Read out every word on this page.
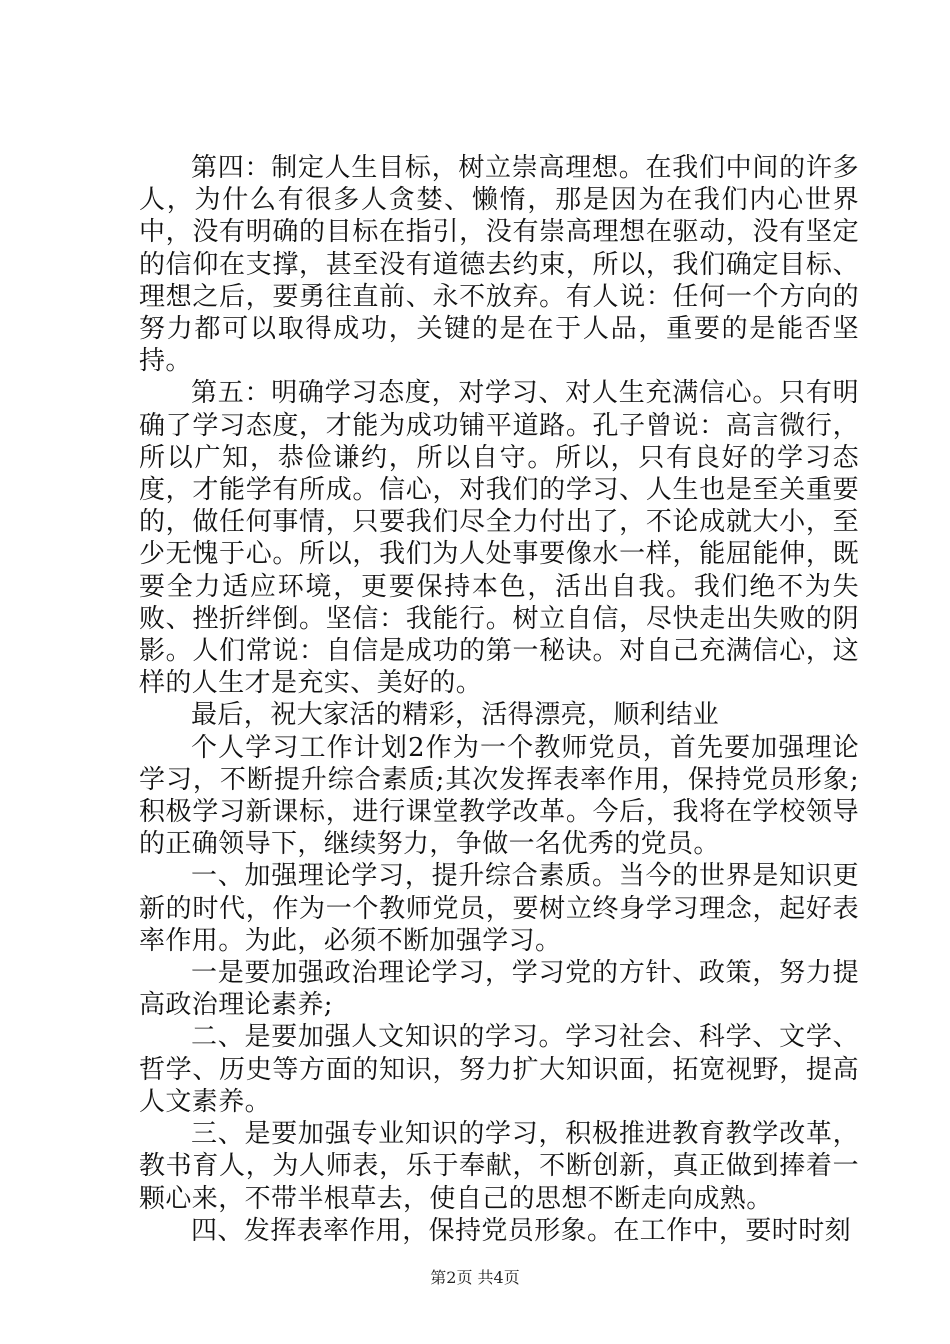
第四：制定人生目标，树立崇高理想。在我们中间的许多人，为什么有很多人贪婪、懒惰，那是因为在我们内心世界中，没有明确的目标在指引，没有崇高理想在驱动，没有坚定的信仰在支撑，甚至没有道德去约束，所以，我们确定目标、理想之后，要勇往直前、永不放弃。有人说：任何一个方向的努力都可以取得成功，关键的是在于人品，重要的是能否坚持。

第五：明确学习态度，对学习、对人生充满信心。只有明确了学习态度，才能为成功铺平道路。孔子曾说：高言微行，所以广知，恭俭谦约，所以自守。所以，只有良好的学习态度，才能学有所成。信心，对我们的学习、人生也是至关重要的，做任何事情，只要我们尽全力付出了，不论成就大小，至少无愧于心。所以，我们为人处事要像水一样，能屈能伸，既要全力适应环境，更要保持本色，活出自我。我们绝不为失败、挫折绊倒。坚信：我能行。树立自信，尽快走出失败的阴影。人们常说：自信是成功的第一秘诀。对自己充满信心，这样的人生才是充实、美好的。

最后，祝大家活的精彩，活得漂亮，顺利结业

个人学习工作计划2作为一个教师党员，首先要加强理论学习，不断提升综合素质;其次发挥表率作用，保持党员形象;积极学习新课标，进行课堂教学改革。今后，我将在学校领导的正确领导下，继续努力，争做一名优秀的党员。

一、加强理论学习，提升综合素质。当今的世界是知识更新的时代，作为一个教师党员，要树立终身学习理念，起好表率作用。为此，必须不断加强学习。

一是要加强政治理论学习，学习党的方针、政策，努力提高政治理论素养;

二、是要加强人文知识的学习。学习社会、科学、文学、哲学、历史等方面的知识，努力扩大知识面，拓宽视野，提高人文素养。

三、是要加强专业知识的学习，积极推进教育教学改革，教书育人，为人师表，乐于奉献，不断创新，真正做到捧着一颗心来，不带半根草去，使自己的思想不断走向成熟。

四、发挥表率作用，保持党员形象。在工作中，要时时刻

第2页 共4页
